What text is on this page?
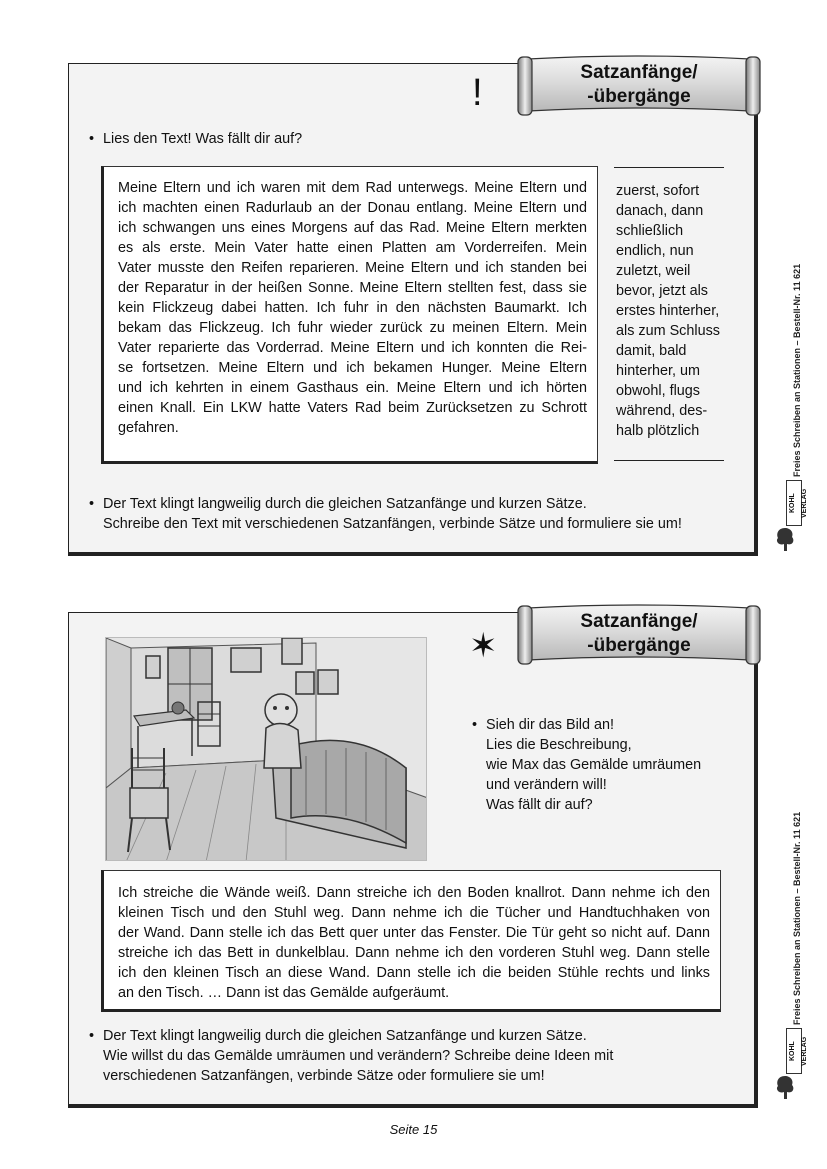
!	Satzanfänge/
-übergänge
• Lies den Text! Was fällt dir auf?
Meine Eltern und ich waren mit dem Rad unterwegs. Meine Eltern und
ich machten einen Radurlaub an der Donau entlang. Meine Eltern und
ich schwangen uns eines Morgens auf das Rad. Meine Eltern merkten
es als erste. Mein Vater hatte einen Platten am Vorderreifen. Mein
Vater musste den Reifen reparieren. Meine Eltern und ich standen bei
der Reparatur in der heißen Sonne. Meine Eltern stellten fest, dass sie
kein Flickzeug dabei hatten. Ich fuhr in den nächsten Baumarkt. Ich
bekam das Flickzeug. Ich fuhr wieder zurück zu meinen Eltern. Mein
Vater reparierte das Vorderrad. Meine Eltern und ich konnten die Rei-
se fortsetzen. Meine Eltern und ich bekamen Hunger. Meine Eltern
und ich kehrten in einem Gasthaus ein. Meine Eltern und ich hörten
einen Knall. Ein LKW hatte Vaters Rad beim Zurücksetzen zu Schrott
gefahren.
zuerst, sofort
danach, dann
schließlich
endlich, nun
zuletzt, weil
bevor, jetzt als
erstes hinterher,
als zum Schluss
damit, bald
hinterher, um
obwohl, flugs
während, des-
halb plötzlich
• Der Text klingt langweilig durch die gleichen Satzanfänge und kurzen Sätze.
Schreibe den Text mit verschiedenen Satzanfängen, verbinde Sätze und formuliere sie um!
✶
Satzanfänge/
-übergänge
• Sieh dir das Bild an!
Lies die Beschreibung,
wie Max das Gemälde umräumen
und verändern will!
Was fällt dir auf?
Ich streiche die Wände weiß. Dann streiche ich den Boden knallrot. Dann nehme ich den
kleinen Tisch und den Stuhl weg. Dann nehme ich die Tücher und Handtuchhaken von
der Wand. Dann stelle ich das Bett quer unter das Fenster. Die Tür geht so nicht auf. Dann
streiche ich das Bett in dunkelblau. Dann nehme ich den vorderen Stuhl weg. Dann stelle
ich den kleinen Tisch an diese Wand. Dann stelle ich die beiden Stühle rechts und links
an den Tisch. … Dann ist das Gemälde aufgeräumt.
• Der Text klingt langweilig durch die gleichen Satzanfänge und kurzen Sätze.
Wie willst du das Gemälde umräumen und verändern? Schreibe deine Ideen mit
verschiedenen Satzanfängen, verbinde Sätze oder formuliere sie um!
Freies Schreiben an Stationen – Bestell-Nr. 11 621
KOHL VERLAG
Freies Schreiben an Stationen – Bestell-Nr. 11 621
KOHL VERLAG
Seite 15
